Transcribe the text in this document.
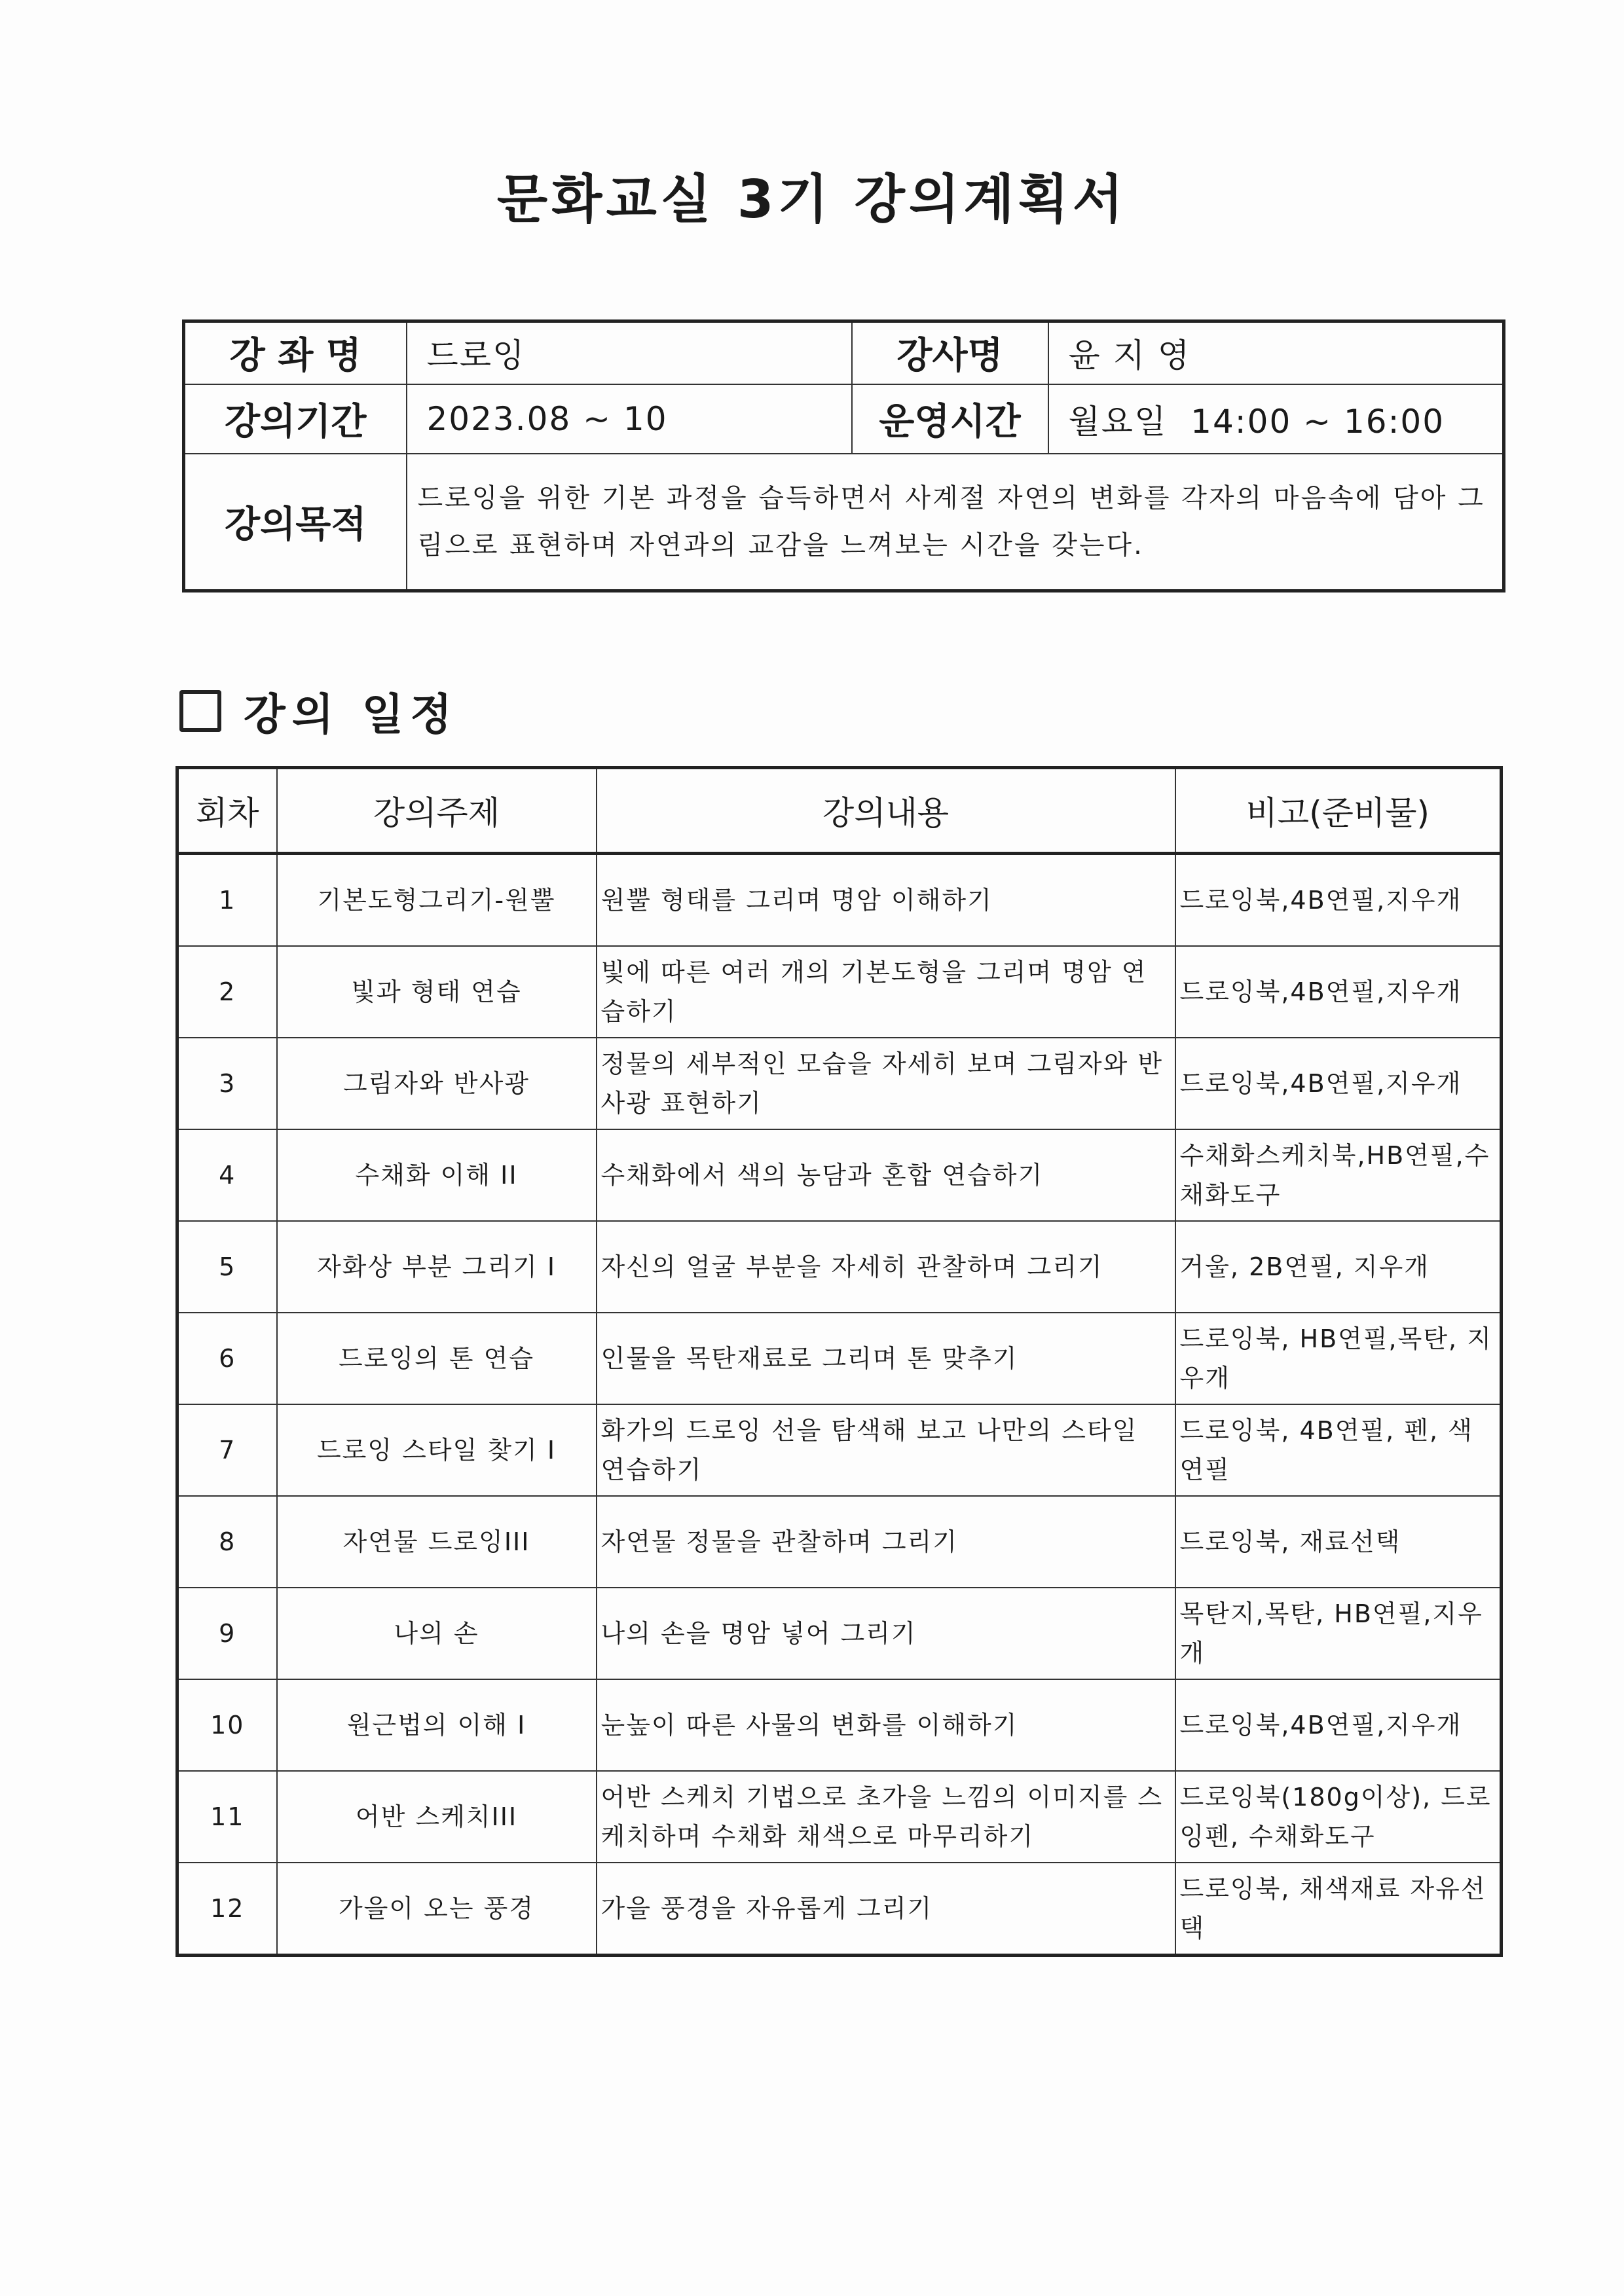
문화교실 3기 강의계획서
강 좌 명	드로잉	강사명	윤 지 영
강의기간	2023.08 ~ 10	운영시간	월요일  14:00 ~ 16:00
강의목적	드로잉을 위한 기본 과정을 습득하면서 사계절 자연의 변화를 각자의 마음속에 담아 그림으로 표현하며 자연과의 교감을 느껴보는 시간을 갖는다.		
강의 일정
회차	강의주제	강의내용	비고(준비물)
1	기본도형그리기-원뿔	원뿔 형태를 그리며 명암 이해하기	드로잉북,4B연필,지우개
2	빛과 형태 연습	빛에 따른 여러 개의 기본도형을 그리며 명암 연습하기	드로잉북,4B연필,지우개
3	그림자와 반사광	정물의 세부적인 모습을 자세히 보며 그림자와 반사광 표현하기	드로잉북,4B연필,지우개
4	수채화 이해 II	수채화에서 색의 농담과 혼합 연습하기	수채화스케치북,HB연필,수채화도구
5	자화상 부분 그리기 I	자신의 얼굴 부분을 자세히 관찰하며 그리기	거울, 2B연필, 지우개
6	드로잉의 톤 연습	인물을 목탄재료로 그리며 톤 맞추기	드로잉북, HB연필,목탄, 지우개
7	드로잉 스타일 찾기 I	화가의 드로잉 선을 탐색해 보고 나만의 스타일 연습하기	드로잉북, 4B연필, 펜, 색연필
8	자연물 드로잉III	자연물 정물을 관찰하며 그리기	드로잉북, 재료선택
9	나의 손	나의 손을 명암 넣어 그리기	목탄지,목탄, HB연필,지우개
10	원근법의 이해 I	눈높이 따른 사물의 변화를 이해하기	드로잉북,4B연필,지우개
11	어반 스케치III	어반 스케치 기법으로 초가을 느낌의 이미지를 스케치하며 수채화 채색으로 마무리하기	드로잉북(180g이상), 드로잉펜, 수채화도구
12	가을이 오는 풍경	가을 풍경을 자유롭게 그리기	드로잉북, 채색재료 자유선택
